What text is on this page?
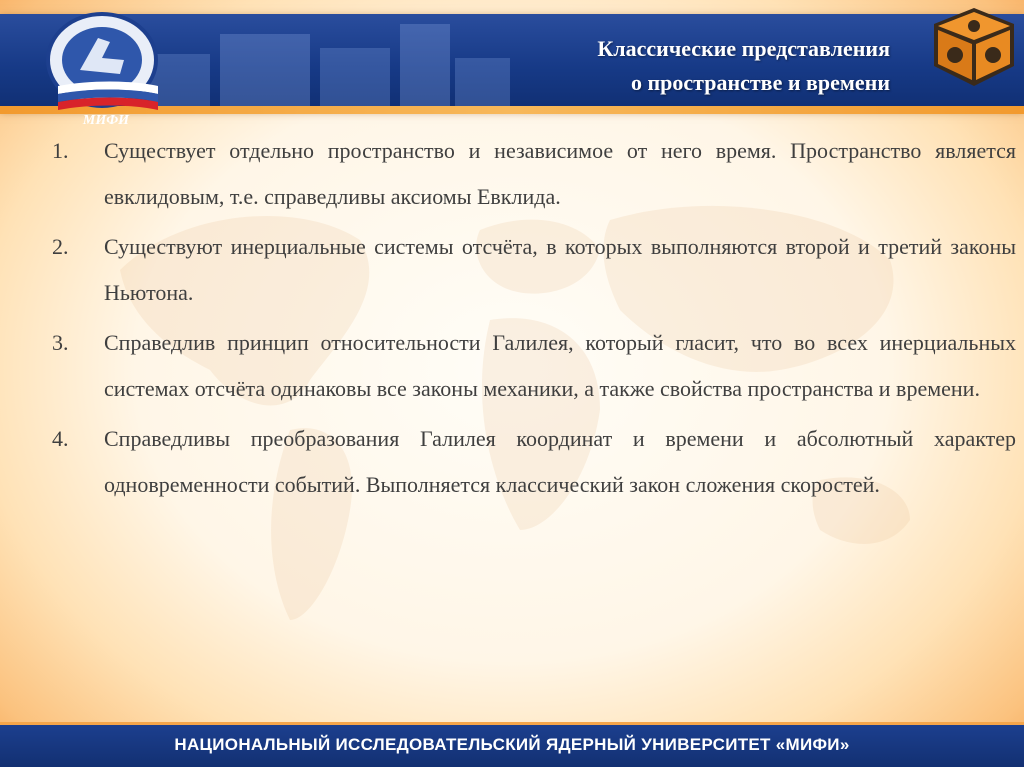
МИФИ
Классические представления
о пространстве и времени
1.	Существует отдельно пространство и независимое от него время. Пространство является евклидовым, т.е. справедливы аксиомы Евклида.
2.	Существуют инерциальные системы отсчёта, в которых выполняются второй и третий законы Ньютона.
3.	Справедлив принцип относительности Галилея, который гласит, что во всех инерциальных системах отсчёта одинаковы все законы механики, а также свойства пространства и времени.
4.	Справедливы преобразования Галилея координат и времени и абсолютный характер одновременности событий. Выполняется классический закон сложения скоростей.
НАЦИОНАЛЬНЫЙ ИССЛЕДОВАТЕЛЬСКИЙ ЯДЕРНЫЙ УНИВЕРСИТЕТ «МИФИ»
